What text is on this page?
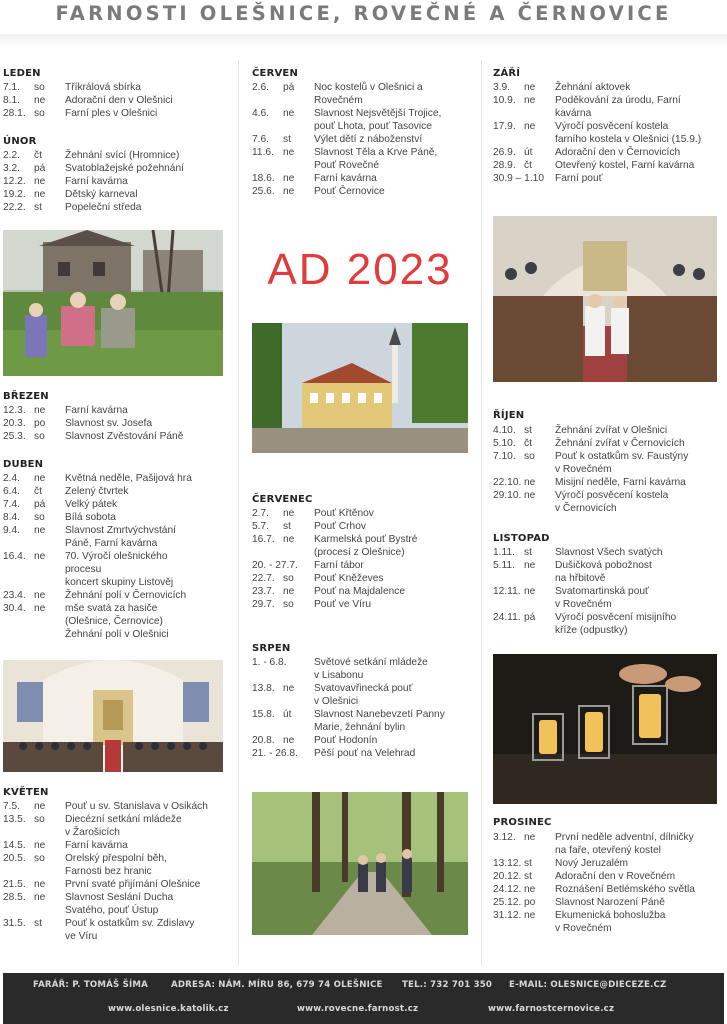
FARNOSTI OLEŠNICE, ROVEČNÉ A ČERNOVICE
LEDEN
7.1.	so	Tříkrálová sbírka
8.1.	ne	Adorační den v Olešnici
28.1. so	Farní ples v Olešnici
ÚNOR
2.2.	čt	Žehnání svící (Hromnice)
3.2.	pá	Svatoblažejské požehnání
12.2. ne	Farní kavárna
19.2. ne	Dětský karneval
22.2. st	Popeleční středa
BŘEZEN
12.3. ne	Farní kavárna
20.3. po	Slavnost sv. Josefa
25.3. so	Slavnost Zvěstování Páně
DUBEN
2.4.	ne	Květná neděle, Pašijová hra
6.4.	čt	Zelený čtvrtek
7.4.	pá	Velký pátek
8.4.	so	Bílá sobota
9.4.	ne	Slavnost Zmrtvýchvstání
Páně, Farní kavárna
16.4. ne	70. Výročí olešnického
procesu
koncert skupiny Listověj
23.4. ne	Žehnání polí v Černovicích
30.4. ne	mše svatá za hasiče
(Olešnice, Černovice)
Žehnání polí v Olešnici
KVĚTEN
7.5.	ne	Pouť u sv. Stanislava v Osikách
13.5. so	Diecézní setkání mládeže
v Žarošicích
14.5. ne	Farní kavárna
20.5. so	Orelský přespolní běh,
Farnosti bez hranic
21.5. ne	První svaté přijímání Olešnice
28.5. ne	Slavnost Seslání Ducha
Svatého, pouť Ústup
31.5. st	Pouť k ostatkům sv. Zdislavy
ve Víru
ČERVEN
2.6.	pá	Noc kostelů v Olešnici a
Rovečném
4.6.	ne	Slavnost Nejsvětější Trojice,
pouť Lhota, pouť Tasovice
7.6.	st	Výlet dětí z náboženství
11.6. ne	Slavnost Těla a Krve Páně,
Pouť Rovečné
18.6. ne	Farní kavárna
25.6. ne	Pouť Černovice
AD 2023
ČERVENEC
2.7.	ne	Pouť Křtěnov
5.7.	st	Pouť Crhov
16.7. ne	Karmelská pouť Bystré
(procesí z Olešnice)
20. - 27.7.	Farní tábor
22.7. so	Pouť Kněževes
23.7. ne	Pouť na Majdalence
29.7. so	Pouť ve Víru
SRPEN
1. - 6.8.	Světové setkání mládeže
v Lisabonu
13.8. ne	Svatovavřinecká pouť
v Olešnici
15.8. út	Slavnost Nanebevzetí Panny
Marie, žehnání bylin
20.8. ne	Pouť Hodonín
21. - 26.8.	Pěší pouť na Velehrad
ZÁŘÍ
3.9.	ne	Žehnání aktovek
10.9. ne	Poděkování za úrodu, Farní
kavárna
17.9. ne	Výročí posvěcení kostela
farního kostela v Olešnici (15.9.)
26.9. út	Adorační den v Černovicích
28.9. čt	Otevřený kostel, Farní kavárna
30.9 – 1.10	Farní pouť
ŘÍJEN
4.10. st	Žehnání zvířat v Olešnici
5.10. čt	Žehnání zvířat v Černovicích
7.10. so	Pouť k ostatkům sv. Faustýny
v Rovečném
22.10. ne	Misijní neděle, Farní kavárna
29.10. ne	Výročí posvěcení kostela
v Černovicích
LISTOPAD
1.11. st	Slavnost Všech svatých
5.11. ne	Dušičková pobožnost
na hřbitově
12.11. ne	Svatomartinská pouť
v Rovečném
24.11. pá	Výročí posvěcení misijního
kříže (odpustky)
PROSINEC
3.12. ne	První neděle adventní, dílničky
na faře, otevřený kostel
13.12. st	Nový Jeruzalém
20.12. st	Adorační den v Rovečném
24.12. ne	Roznášení Betlémského světla
25.12. po	Slavnost Narození Páně
31.12. ne	Ekumenická bohoslužba
v Rovečném
FARÁŘ: P. TOMÁŠ ŠÍMA	ADRESA: NÁM. MÍRU 86, 679 74 OLEŠNICE TEL.: 732 701 350 E-MAIL: OLESNICE@DIECEZE.CZ
www.olesnice.katolik.cz	www.rovecne.farnost.cz	www.farnostcernovice.cz
